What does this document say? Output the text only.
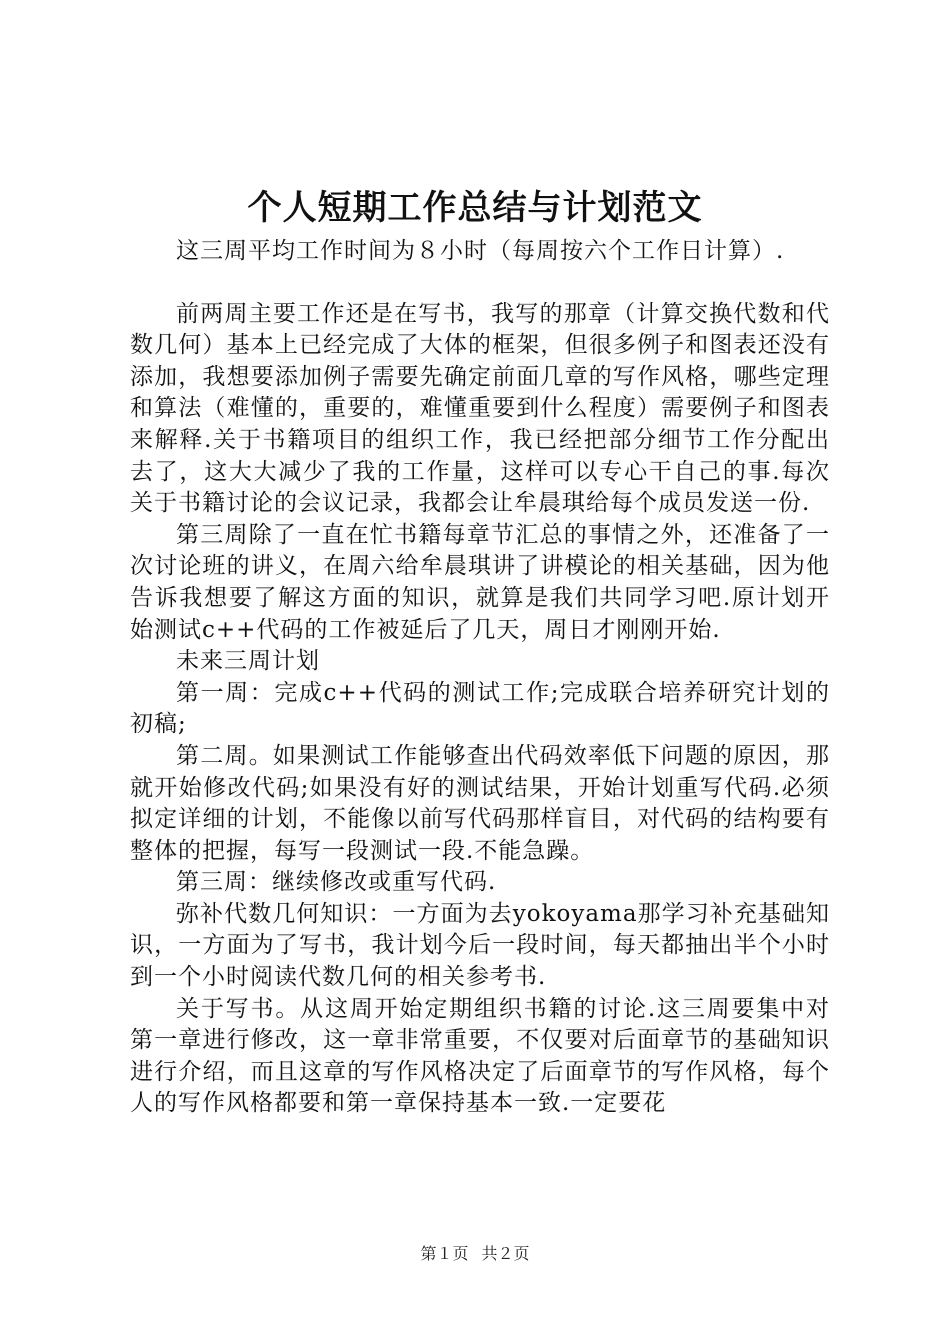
个人短期工作总结与计划范文

这三周平均工作时间为８小时（每周按六个工作日计算）.

前两周主要工作还是在写书，我写的那章（计算交换代数和代数几何）基本上已经完成了大体的框架，但很多例子和图表还没有添加，我想要添加例子需要先确定前面几章的写作风格，哪些定理和算法（难懂的，重要的，难懂重要到什么程度）需要例子和图表来解释.关于书籍项目的组织工作，我已经把部分细节工作分配出去了，这大大减少了我的工作量，这样可以专心干自己的事.每次关于书籍讨论的会议记录，我都会让牟晨琪给每个成员发送一份.

第三周除了一直在忙书籍每章节汇总的事情之外，还准备了一次讨论班的讲义，在周六给牟晨琪讲了讲模论的相关基础，因为他告诉我想要了解这方面的知识，就算是我们共同学习吧.原计划开始测试c++代码的工作被延后了几天，周日才刚刚开始.

未来三周计划

第一周：完成c++代码的测试工作;完成联合培养研究计划的初稿;

第二周。如果测试工作能够查出代码效率低下问题的原因，那就开始修改代码;如果没有好的测试结果，开始计划重写代码.必须拟定详细的计划，不能像以前写代码那样盲目，对代码的结构要有整体的把握，每写一段测试一段.不能急躁。

第三周：继续修改或重写代码.

弥补代数几何知识：一方面为去yokoyama那学习补充基础知识，一方面为了写书，我计划今后一段时间，每天都抽出半个小时到一个小时阅读代数几何的相关参考书.

关于写书。从这周开始定期组织书籍的讨论.这三周要集中对第一章进行修改，这一章非常重要，不仅要对后面章节的基础知识进行介绍，而且这章的写作风格决定了后面章节的写作风格，每个人的写作风格都要和第一章保持基本一致.一定要花

第１页 共２页
